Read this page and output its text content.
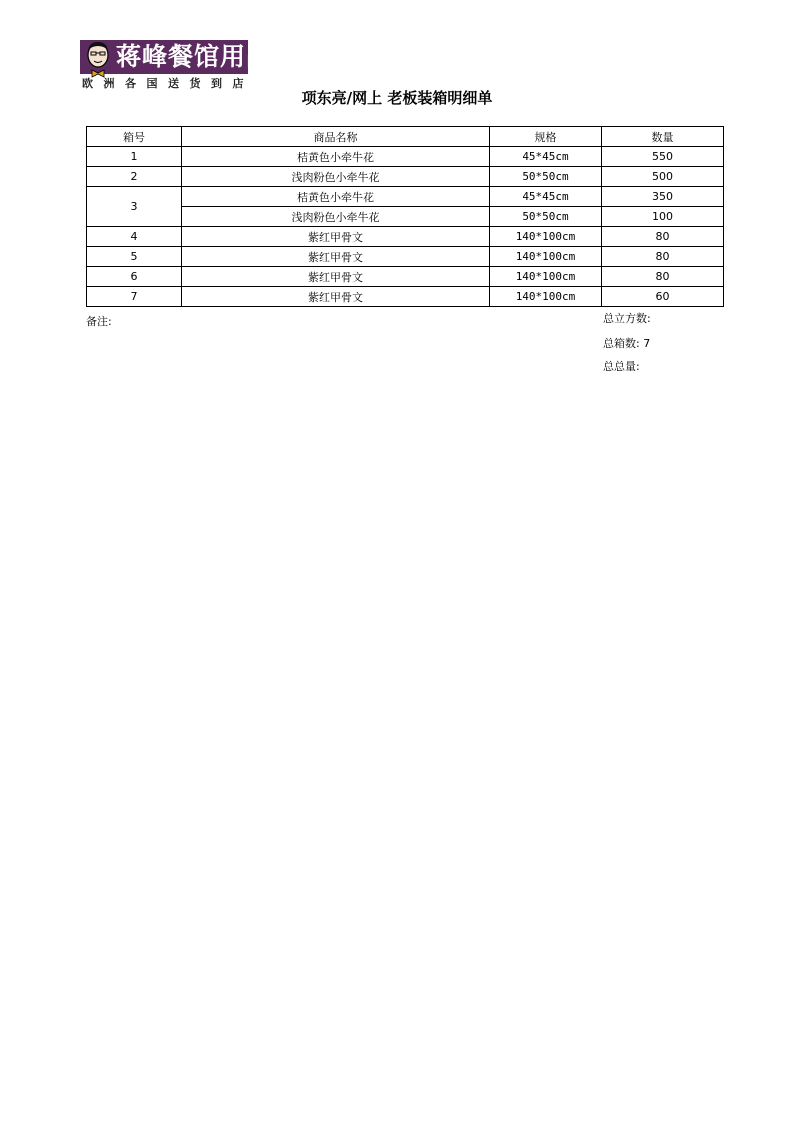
蒋峰餐馆用品
欧洲各国送货到店
项东亮/网上 老板装箱明细单
箱号	商品名称	规格	数量
1	桔黄色小牵牛花	45*45cm	550
2	浅肉粉色小牵牛花	50*50cm	500
3	桔黄色小牵牛花	45*45cm	350
	浅肉粉色小牵牛花	50*50cm	100
4	紫红甲骨文	140*100cm	80
5	紫红甲骨文	140*100cm	80
6	紫红甲骨文	140*100cm	80
7	紫红甲骨文	140*100cm	60
备注:	总立方数:
总箱数: 7
总总量:
